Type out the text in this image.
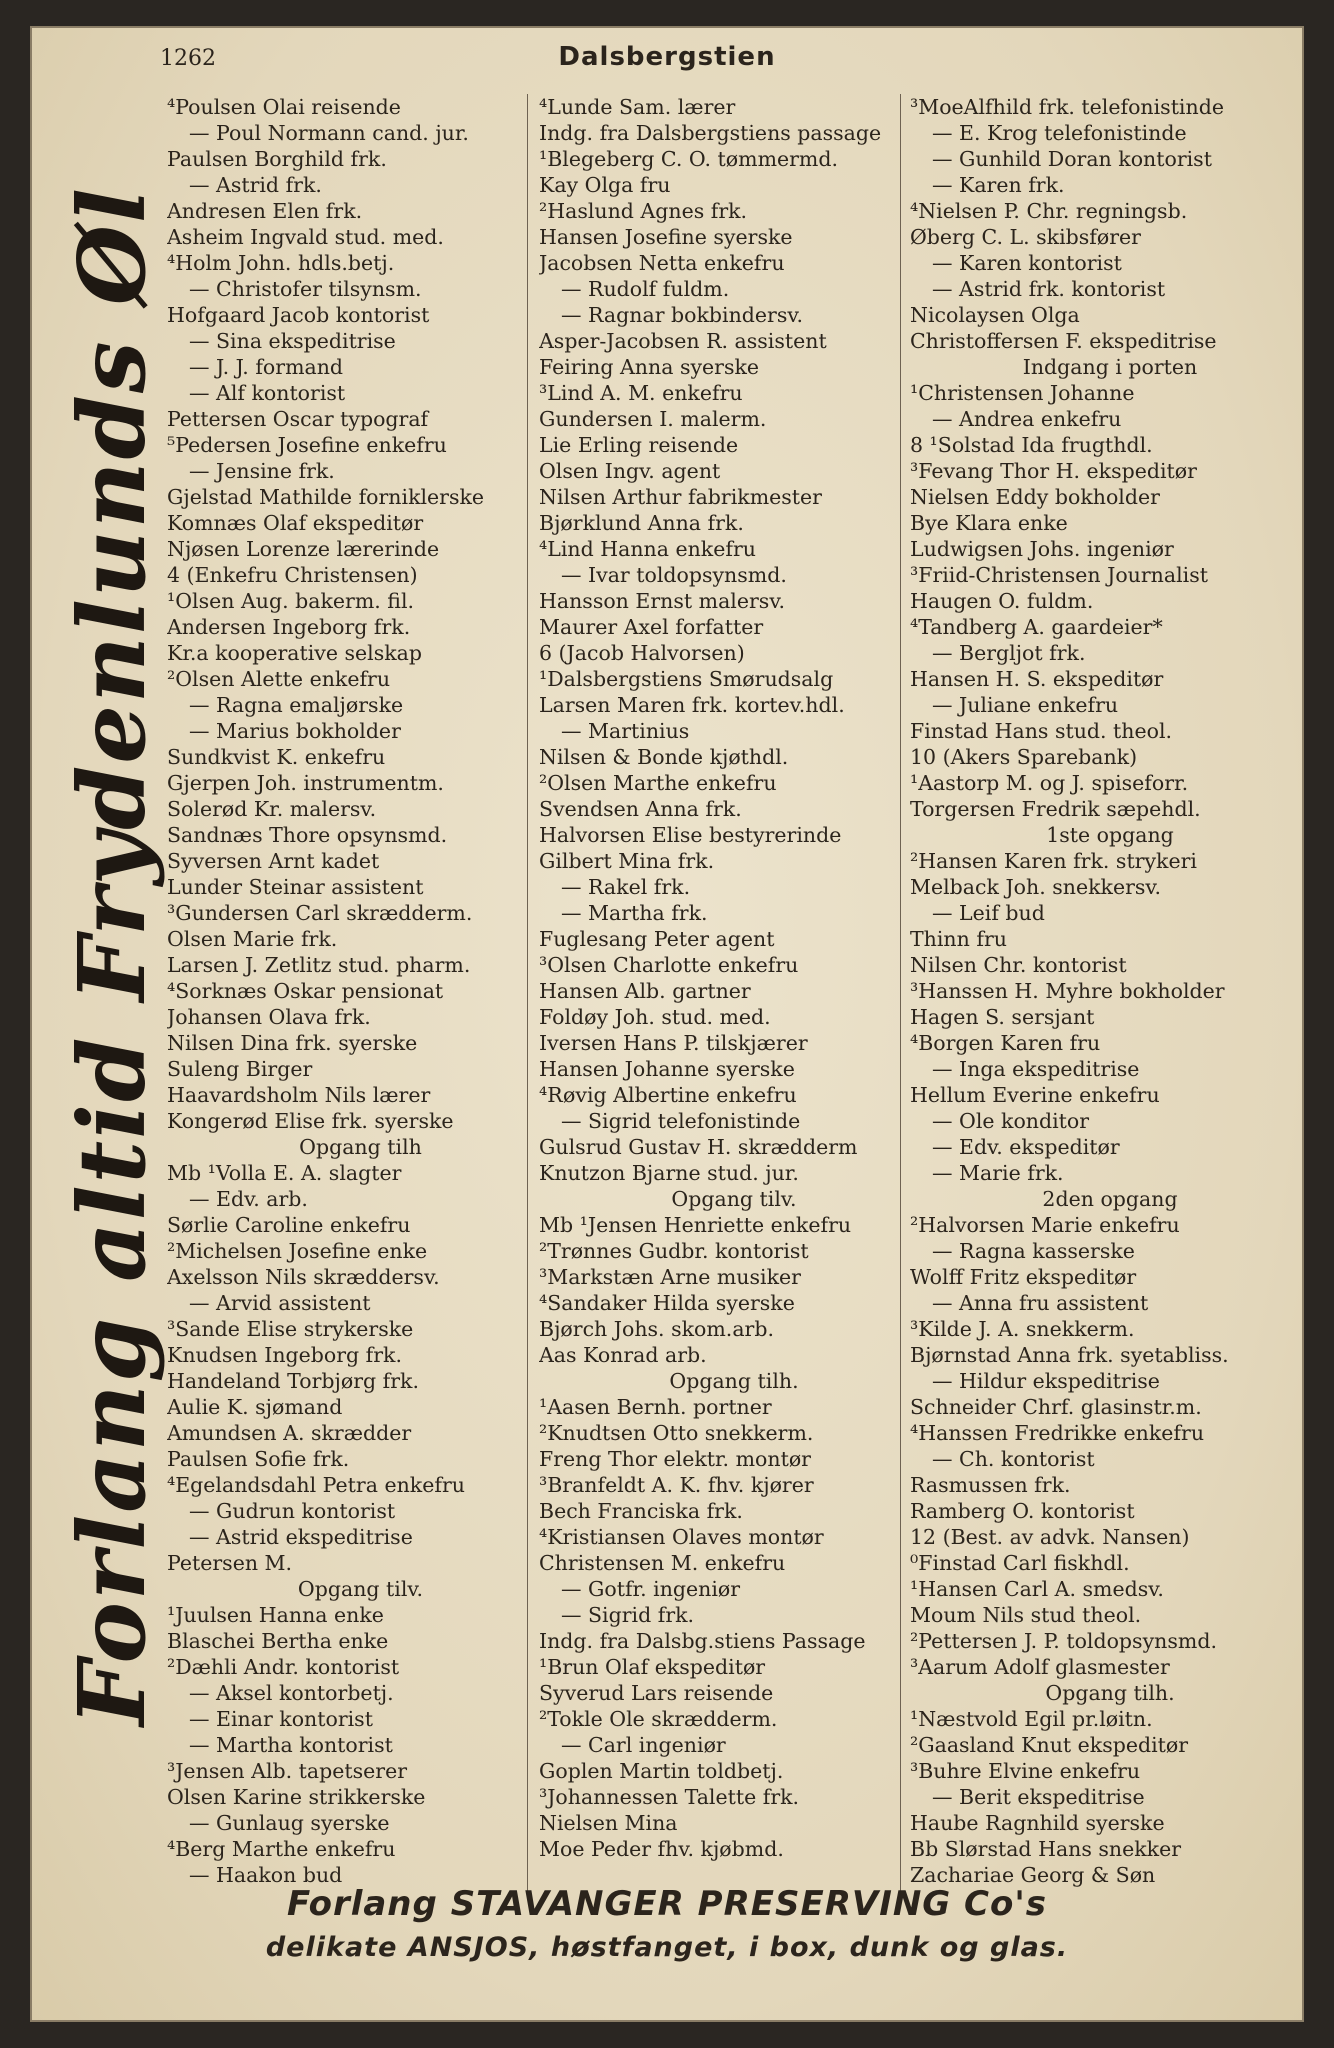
1262	Dalsbergstien
Forlang altid Frydenlunds Øl
⁴Poulsen Olai reisende
— Poul Normann cand. jur.
Paulsen Borghild frk.
— Astrid frk.
Andresen Elen frk.
Asheim Ingvald stud. med.
⁴Holm John. hdls.betj.
— Christofer tilsynsm.
Hofgaard Jacob kontorist
— Sina ekspeditrise
— J. J. formand
— Alf kontorist
Pettersen Oscar typograf
⁵Pedersen Josefine enkefru
— Jensine frk.
Gjelstad Mathilde forniklerske
Komnæs Olaf ekspeditør
Njøsen Lorenze lærerinde
4 (Enkefru Christensen)
¹Olsen Aug. bakerm. fil.
Andersen Ingeborg frk.
Kr.a kooperative selskap
²Olsen Alette enkefru
— Ragna emaljørske
— Marius bokholder
Sundkvist K. enkefru
Gjerpen Joh. instrumentm.
Solerød Kr. malersv.
Sandnæs Thore opsynsmd.
Syversen Arnt kadet
Lunder Steinar assistent
³Gundersen Carl skrædderm.
Olsen Marie frk.
Larsen J. Zetlitz stud. pharm.
⁴Sorknæs Oskar pensionat
Johansen Olava frk.
Nilsen Dina frk. syerske
Suleng Birger
Haavardsholm Nils lærer
Kongerød Elise frk. syerske
Opgang tilh
Mb ¹Volla E. A. slagter
— Edv. arb.
Sørlie Caroline enkefru
²Michelsen Josefine enke
Axelsson Nils skræddersv.
— Arvid assistent
³Sande Elise strykerske
Knudsen Ingeborg frk.
Handeland Torbjørg frk.
Aulie K. sjømand
Amundsen A. skrædder
Paulsen Sofie frk.
⁴Egelandsdahl Petra enkefru
— Gudrun kontorist
— Astrid ekspeditrise
Petersen M.
Opgang tilv.
¹Juulsen Hanna enke
Blaschei Bertha enke
²Dæhli Andr. kontorist
— Aksel kontorbetj.
— Einar kontorist
— Martha kontorist
³Jensen Alb. tapetserer
Olsen Karine strikkerske
— Gunlaug syerske
⁴Berg Marthe enkefru
— Haakon bud
⁴Lunde Sam. lærer
Indg. fra Dalsbergstiens passage
¹Blegeberg C. O. tømmermd.
Kay Olga fru
²Haslund Agnes frk.
Hansen Josefine syerske
Jacobsen Netta enkefru
— Rudolf fuldm.
— Ragnar bokbindersv.
Asper-Jacobsen R. assistent
Feiring Anna syerske
³Lind A. M. enkefru
Gundersen I. malerm.
Lie Erling reisende
Olsen Ingv. agent
Nilsen Arthur fabrikmester
Bjørklund Anna frk.
⁴Lind Hanna enkefru
— Ivar toldopsynsmd.
Hansson Ernst malersv.
Maurer Axel forfatter
6 (Jacob Halvorsen)
¹Dalsbergstiens Smørudsalg
Larsen Maren frk. kortev.hdl.
— Martinius
Nilsen & Bonde kjøthdl.
²Olsen Marthe enkefru
Svendsen Anna frk.
Halvorsen Elise bestyrerinde
Gilbert Mina frk.
— Rakel frk.
— Martha frk.
Fuglesang Peter agent
³Olsen Charlotte enkefru
Hansen Alb. gartner
Foldøy Joh. stud. med.
Iversen Hans P. tilskjærer
Hansen Johanne syerske
⁴Røvig Albertine enkefru
— Sigrid telefonistinde
Gulsrud Gustav H. skrædderm
Knutzon Bjarne stud. jur.
Opgang tilv.
Mb ¹Jensen Henriette enkefru
²Trønnes Gudbr. kontorist
³Markstæn Arne musiker
⁴Sandaker Hilda syerske
Bjørch Johs. skom.arb.
Aas Konrad arb.
Opgang tilh.
¹Aasen Bernh. portner
²Knudtsen Otto snekkerm.
Freng Thor elektr. montør
³Branfeldt A. K. fhv. kjører
Bech Franciska frk.
⁴Kristiansen Olaves montør
Christensen M. enkefru
— Gotfr. ingeniør
— Sigrid frk.
Indg. fra Dalsbg.stiens Passage
¹Brun Olaf ekspeditør
Syverud Lars reisende
²Tokle Ole skrædderm.
— Carl ingeniør
Goplen Martin toldbetj.
³Johannessen Talette frk.
Nielsen Mina
Moe Peder fhv. kjøbmd.
³MoeAlfhild frk. telefonistinde
— E. Krog telefonistinde
— Gunhild Doran kontorist
— Karen frk.
⁴Nielsen P. Chr. regningsb.
Øberg C. L. skibsfører
— Karen kontorist
— Astrid frk. kontorist
Nicolaysen Olga
Christoffersen F. ekspeditrise
Indgang i porten
¹Christensen Johanne
— Andrea enkefru
8 ¹Solstad Ida frugthdl.
³Fevang Thor H. ekspeditør
Nielsen Eddy bokholder
Bye Klara enke
Ludwigsen Johs. ingeniør
³Friid-Christensen Journalist
Haugen O. fuldm.
⁴Tandberg A. gaardeier*
— Bergljot frk.
Hansen H. S. ekspeditør
— Juliane enkefru
Finstad Hans stud. theol.
10 (Akers Sparebank)
¹Aastorp M. og J. spiseforr.
Torgersen Fredrik sæpehdl.
1ste opgang
²Hansen Karen frk. strykeri
Melback Joh. snekkersv.
— Leif bud
Thinn fru
Nilsen Chr. kontorist
³Hanssen H. Myhre bokholder
Hagen S. sersjant
⁴Borgen Karen fru
— Inga ekspeditrise
Hellum Everine enkefru
— Ole konditor
— Edv. ekspeditør
— Marie frk.
2den opgang
²Halvorsen Marie enkefru
— Ragna kasserske
Wolff Fritz ekspeditør
— Anna fru assistent
³Kilde J. A. snekkerm.
Bjørnstad Anna frk. syetabliss.
— Hildur ekspeditrise
Schneider Chrf. glasinstr.m.
⁴Hanssen Fredrikke enkefru
— Ch. kontorist
Rasmussen frk.
Ramberg O. kontorist
12 (Best. av advk. Nansen)
⁰Finstad Carl fiskhdl.
¹Hansen Carl A. smedsv.
Moum Nils stud theol.
²Pettersen J. P. toldopsynsmd.
³Aarum Adolf glasmester
Opgang tilh.
¹Næstvold Egil pr.løitn.
²Gaasland Knut ekspeditør
³Buhre Elvine enkefru
— Berit ekspeditrise
Haube Ragnhild syerske
Bb Slørstad Hans snekker
Zachariae Georg & Søn
Forlang STAVANGER PRESERVING Co's
delikate ANSJOS, høstfanget, i box, dunk og glas.
